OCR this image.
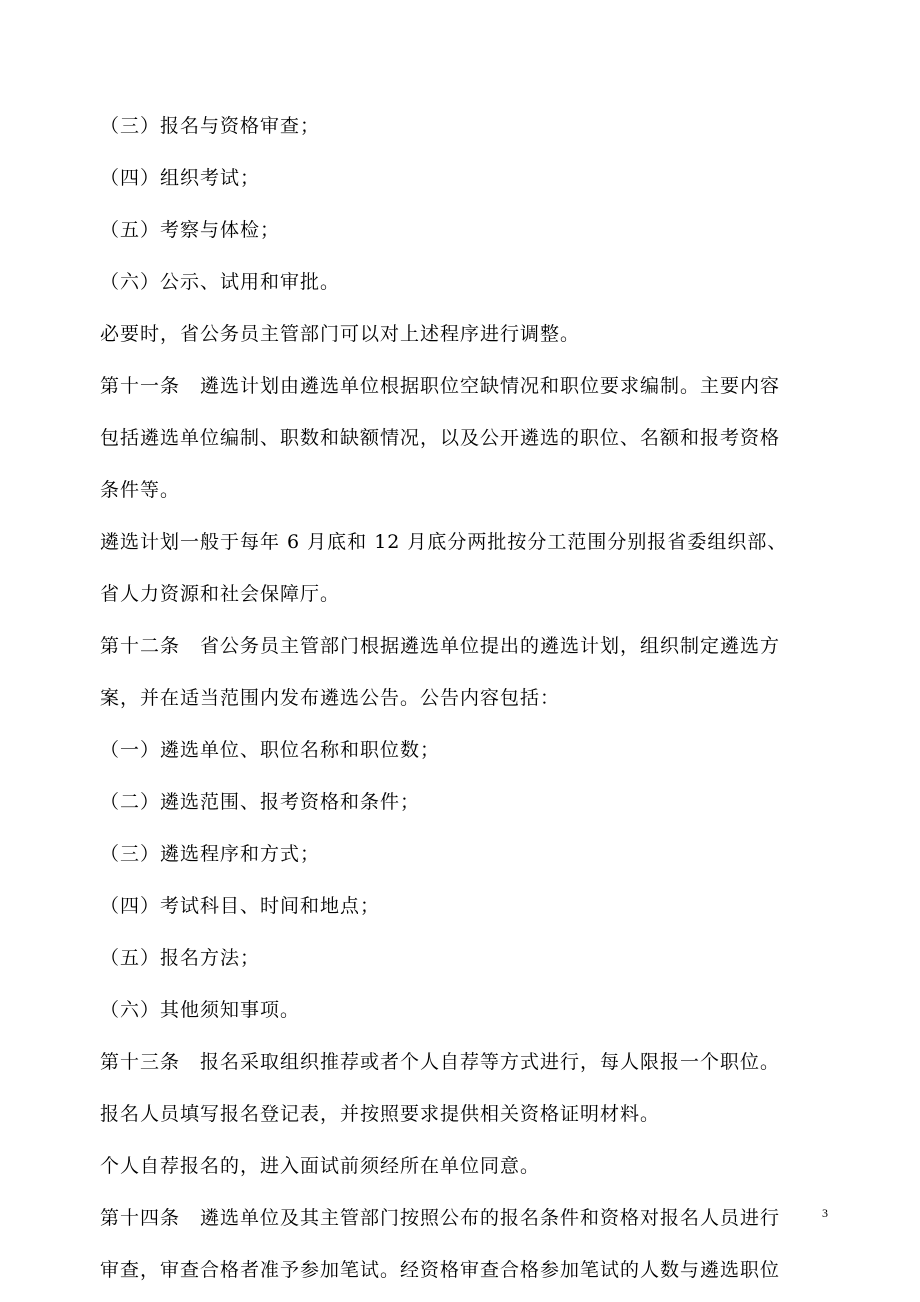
（三）报名与资格审查；
（四）组织考试；
（五）考察与体检；
（六）公示、试用和审批。
必要时，省公务员主管部门可以对上述程序进行调整。
第十一条　遴选计划由遴选单位根据职位空缺情况和职位要求编制。主要内容
包括遴选单位编制、职数和缺额情况，以及公开遴选的职位、名额和报考资格
条件等。
遴选计划一般于每年 6 月底和 12 月底分两批按分工范围分别报省委组织部、
省人力资源和社会保障厅。
第十二条　省公务员主管部门根据遴选单位提出的遴选计划，组织制定遴选方
案，并在适当范围内发布遴选公告。公告内容包括：
（一）遴选单位、职位名称和职位数；
（二）遴选范围、报考资格和条件；
（三）遴选程序和方式；
（四）考试科目、时间和地点；
（五）报名方法；
（六）其他须知事项。
第十三条　报名采取组织推荐或者个人自荐等方式进行，每人限报一个职位。
报名人员填写报名登记表，并按照要求提供相关资格证明材料。
个人自荐报名的，进入面试前须经所在单位同意。
第十四条　遴选单位及其主管部门按照公布的报名条件和资格对报名人员进行
审查，审查合格者准予参加笔试。经资格审查合格参加笔试的人数与遴选职位
3
